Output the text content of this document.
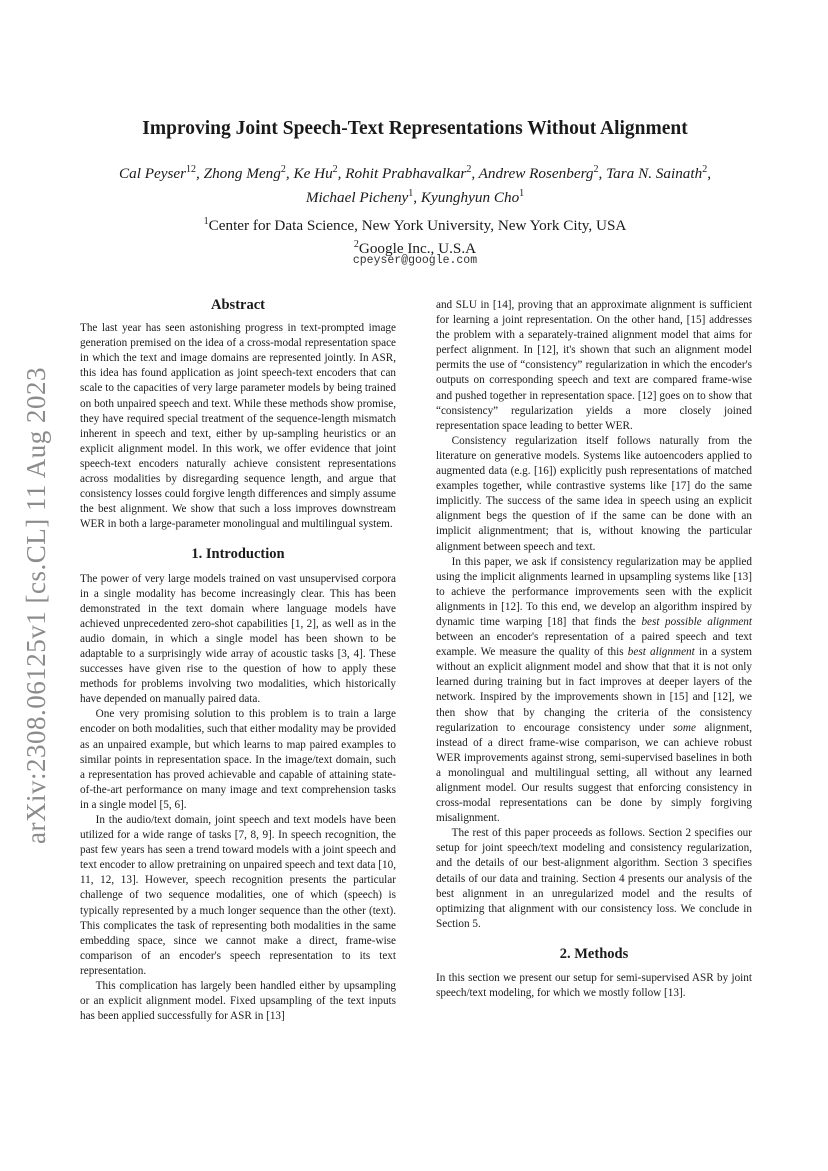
arXiv:2308.06125v1 [cs.CL] 11 Aug 2023
Improving Joint Speech-Text Representations Without Alignment
Cal Peyser$^{12}$, Zhong Meng$^2$, Ke Hu$^2$, Rohit Prabhavalkar$^2$, Andrew Rosenberg$^2$, Tara N. Sainath$^2$,
Michael Picheny$^1$, Kyunghyun Cho$^1$
$^1$Center for Data Science, New York University, New York City, USA
$^2$Google Inc., U.S.A
cpeyser@google.com
Abstract

The last year has seen astonishing progress in text-prompted image generation premised on the idea of a cross-modal representation space in which the text and image domains are represented jointly. In ASR, this idea has found application as joint speech-text encoders that can scale to the capacities of very large parameter models by being trained on both unpaired speech and text. While these methods show promise, they have required special treatment of the sequence-length mismatch inherent in speech and text, either by up-sampling heuristics or an explicit alignment model. In this work, we offer evidence that joint speech-text encoders naturally achieve consistent representations across modalities by disregarding sequence length, and argue that consistency losses could forgive length differences and simply assume the best alignment. We show that such a loss improves downstream WER in both a large-parameter monolingual and multilingual system.

1. Introduction

The power of very large models trained on vast unsupervised corpora in a single modality has become increasingly clear. This has been demonstrated in the text domain where language models have achieved unprecedented zero-shot capabilities [1, 2], as well as in the audio domain, in which a single model has been shown to be adaptable to a surprisingly wide array of acoustic tasks [3, 4]. These successes have given rise to the question of how to apply these methods for problems involving two modalities, which historically have depended on manually paired data.

One very promising solution to this problem is to train a large encoder on both modalities, such that either modality may be provided as an unpaired example, but which learns to map paired examples to similar points in representation space. In the image/text domain, such a representation has proved achievable and capable of attaining state-of-the-art performance on many image and text comprehension tasks in a single model [5, 6].

In the audio/text domain, joint speech and text models have been utilized for a wide range of tasks [7, 8, 9]. In speech recognition, the past few years has seen a trend toward models with a joint speech and text encoder to allow pretraining on unpaired speech and text data [10, 11, 12, 13]. However, speech recognition presents the particular challenge of two sequence modalities, one of which (speech) is typically represented by a much longer sequence than the other (text). This complicates the task of representing both modalities in the same embedding space, since we cannot make a direct, frame-wise comparison of an encoder's speech representation to its text representation.

This complication has largely been handled either by upsampling or an explicit alignment model. Fixed upsampling of the text inputs has been applied successfully for ASR in [13]

and SLU in [14], proving that an approximate alignment is sufficient for learning a joint representation. On the other hand, [15] addresses the problem with a separately-trained alignment model that aims for perfect alignment. In [12], it's shown that such an alignment model permits the use of “consistency” regularization in which the encoder's outputs on corresponding speech and text are compared frame-wise and pushed together in representation space. [12] goes on to show that “consistency” regularization yields a more closely joined representation space leading to better WER.

Consistency regularization itself follows naturally from the literature on generative models. Systems like autoencoders applied to augmented data (e.g. [16]) explicitly push representations of matched examples together, while contrastive systems like [17] do the same implicitly. The success of the same idea in speech using an explicit alignment begs the question of if the same can be done with an implicit alignmentment; that is, without knowing the particular alignment between speech and text.

In this paper, we ask if consistency regularization may be applied using the implicit alignments learned in upsampling systems like [13] to achieve the performance improvements seen with the explicit alignments in [12]. To this end, we develop an algorithm inspired by dynamic time warping [18] that finds the best possible alignment between an encoder's representation of a paired speech and text example. We measure the quality of this best alignment in a system without an explicit alignment model and show that that it is not only learned during training but in fact improves at deeper layers of the network. Inspired by the improvements shown in [15] and [12], we then show that by changing the criteria of the consistency regularization to encourage consistency under some alignment, instead of a direct frame-wise comparison, we can achieve robust WER improvements against strong, semi-supervised baselines in both a monolingual and multilingual setting, all without any learned alignment model. Our results suggest that enforcing consistency in cross-modal representations can be done by simply forgiving misalignment.

The rest of this paper proceeds as follows. Section 2 specifies our setup for joint speech/text modeling and consistency regularization, and the details of our best-alignment algorithm. Section 3 specifies details of our data and training. Section 4 presents our analysis of the best alignment in an unregularized model and the results of optimizing that alignment with our consistency loss. We conclude in Section 5.

2. Methods

In this section we present our setup for semi-supervised ASR by joint speech/text modeling, for which we mostly follow [13].
